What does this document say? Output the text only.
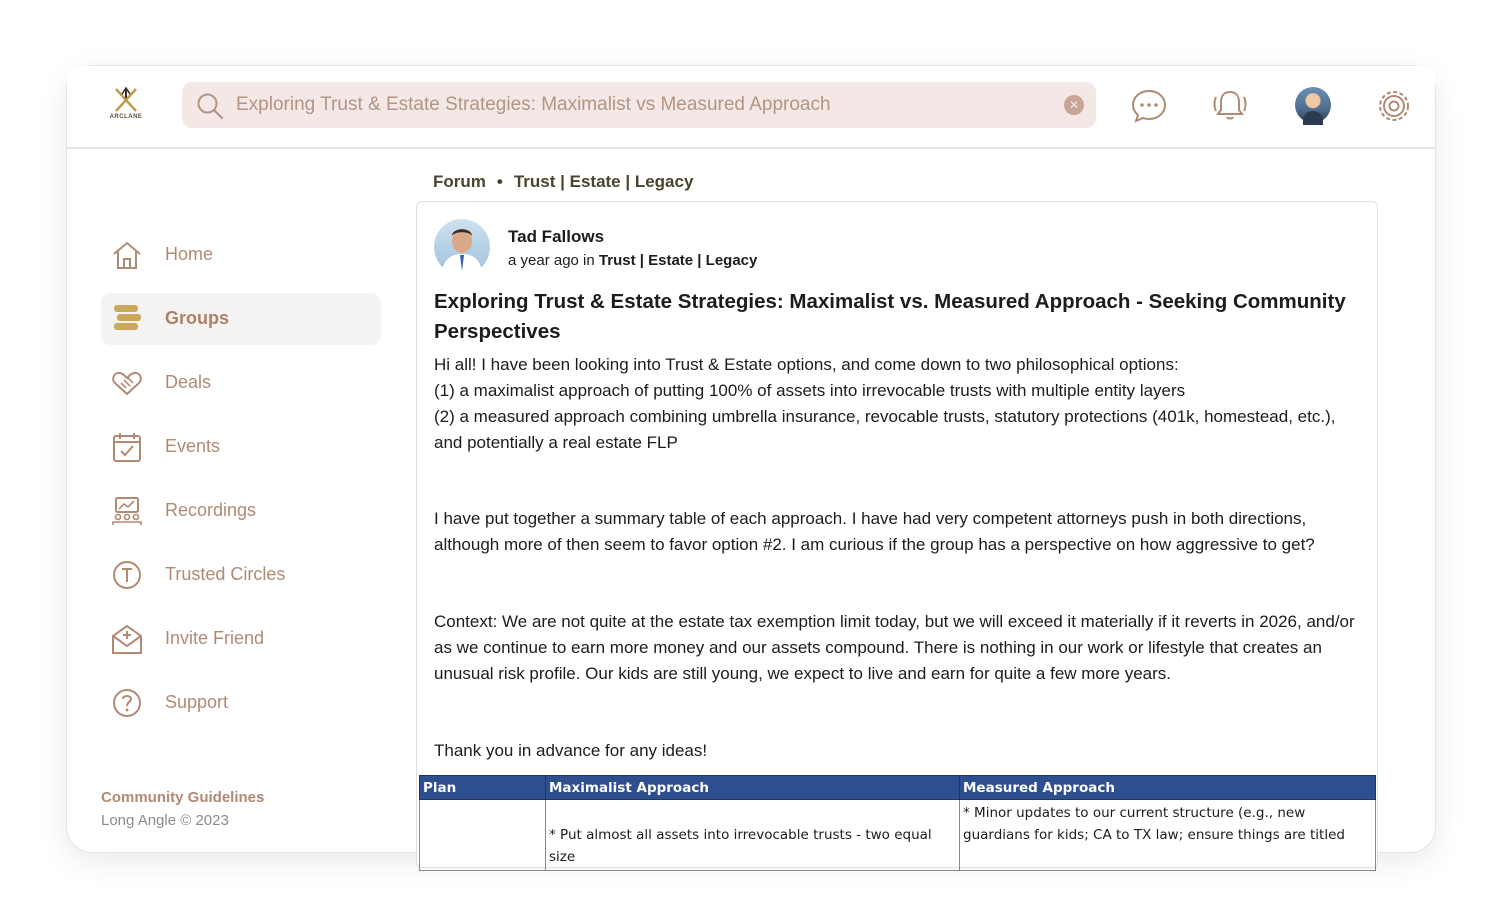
ARCLANE
Exploring Trust & Estate Strategies: Maximalist vs Measured Approach
✕
Home
Groups
Deals
Events
Recordings
Trusted Circles
Invite Friend
Support
Community Guidelines
Long Angle © 2023
Forum • Trust | Estate | Legacy
Tad Fallows
a year ago in Trust | Estate | Legacy
Exploring Trust & Estate Strategies: Maximalist vs. Measured Approach - Seeking Community Perspectives
Hi all! I have been looking into Trust & Estate options, and come down to two philosophical options:
(1) a maximalist approach of putting 100% of assets into irrevocable trusts with multiple entity layers
(2) a measured approach combining umbrella insurance, revocable trusts, statutory protections (401k, homestead, etc.), and potentially a real estate FLP
I have put together a summary table of each approach. I have had very competent attorneys push in both directions, although more of then seem to favor option #2. I am curious if the group has a perspective on how aggressive to get?
Context: We are not quite at the estate tax exemption limit today, but we will exceed it materially if it reverts in 2026, and/or as we continue to earn more money and our assets compound. There is nothing in our work or lifestyle that creates an unusual risk profile. Our kids are still young, we expect to live and earn for quite a few more years.
Thank you in advance for any ideas!
Plan	Maximalist Approach	Measured Approach
	* Put almost all assets into irrevocable trusts - two equal size	* Minor updates to our current structure (e.g., new guardians for kids; CA to TX law; ensure things are titled
